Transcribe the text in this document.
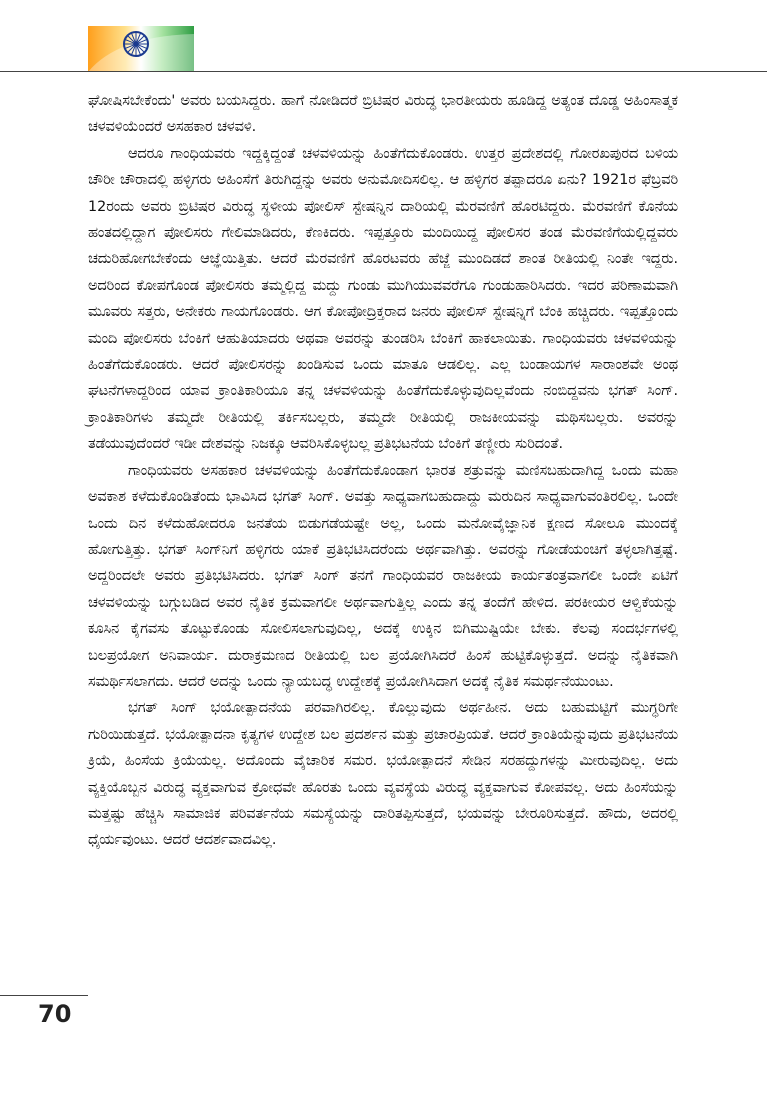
ಘೋಷಿಸಬೇಕೆಂದು' ಅವರು ಬಯಸಿದ್ದರು. ಹಾಗೆ ನೋಡಿದರೆ ಬ್ರಿಟಿಷರ ವಿರುದ್ಧ ಭಾರತೀಯರು ಹೂಡಿದ್ದ ಅತ್ಯಂತ ದೊಡ್ಡ ಅಹಿಂಸಾತ್ಮಕ ಚಳವಳಿಯೆಂದರೆ ಅಸಹಕಾರ ಚಳವಳಿ.

ಆದರೂ ಗಾಂಧಿಯವರು ಇದ್ದಕ್ಕಿದ್ದಂತೆ ಚಳವಳಿಯನ್ನು ಹಿಂತೆಗೆದುಕೊಂಡರು. ಉತ್ತರ ಪ್ರದೇಶದಲ್ಲಿ ಗೋರಖಪುರದ ಬಳಿಯ ಚೌರೀ ಚೌರಾದಲ್ಲಿ ಹಳ್ಳಿಗರು ಅಹಿಂಸೆಗೆ ತಿರುಗಿದ್ದನ್ನು ಅವರು ಅನುಮೋದಿಸಲಿಲ್ಲ. ಆ ಹಳ್ಳಿಗರ ತಪ್ಪಾದರೂ ಏನು? 1921ರ ಫೆಬ್ರವರಿ 12ರಂದು ಅವರು ಬ್ರಿಟಿಷರ ವಿರುದ್ಧ ಸ್ಥಳೀಯ ಪೋಲಿಸ್ ಸ್ಟೇಷನ್ನಿನ ದಾರಿಯಲ್ಲಿ ಮೆರವಣಿಗೆ ಹೊರಟಿದ್ದರು. ಮೆರವಣಿಗೆ ಕೊನೆಯ ಹಂತದಲ್ಲಿದ್ದಾಗ ಪೋಲಿಸರು ಗೇಲಿಮಾಡಿದರು, ಕೆಣಕಿದರು. ಇಪ್ಪತ್ತೂರು ಮಂದಿಯಿದ್ದ ಪೋಲಿಸರ ತಂಡ ಮೆರವಣಿಗೆಯಲ್ಲಿದ್ದವರು ಚದುರಿಹೋಗಬೇಕೆಂದು ಆಜ್ಞೆಯಿತ್ತಿತು. ಆದರೆ ಮೆರವಣಿಗೆ ಹೊರಟವರು ಹೆಜ್ಜೆ ಮುಂದಿಡದೆ ಶಾಂತ ರೀತಿಯಲ್ಲಿ ನಿಂತೇ ಇದ್ದರು. ಅದರಿಂದ ಕೋಪಗೊಂಡ ಪೋಲಿಸರು ತಮ್ಮಲ್ಲಿದ್ದ ಮದ್ದು ಗುಂಡು ಮುಗಿಯುವವರೆಗೂ ಗುಂಡುಹಾರಿಸಿದರು. ಇದರ ಪರಿಣಾಮವಾಗಿ ಮೂವರು ಸತ್ತರು, ಅನೇಕರು ಗಾಯಗೊಂಡರು. ಆಗ ಕೋಪೋದ್ರಿಕ್ತರಾದ ಜನರು ಪೋಲಿಸ್ ಸ್ಟೇಷನ್ನಿಗೆ ಬೆಂಕಿ ಹಚ್ಚಿದರು. ಇಪ್ಪತ್ತೊಂದು ಮಂದಿ ಪೋಲಿಸರು ಬೆಂಕಿಗೆ ಆಹುತಿಯಾದರು ಅಥವಾ ಅವರನ್ನು ತುಂಡರಿಸಿ ಬೆಂಕಿಗೆ ಹಾಕಲಾಯಿತು. ಗಾಂಧಿಯವರು ಚಳವಳಿಯನ್ನು ಹಿಂತೆಗೆದುಕೊಂಡರು. ಆದರೆ ಪೋಲಿಸರನ್ನು ಖಂಡಿಸುವ ಒಂದು ಮಾತೂ ಆಡಲಿಲ್ಲ. ಎಲ್ಲ ಬಂಡಾಯಗಳ ಸಾರಾಂಶವೇ ಅಂಥ ಘಟನೆಗಳಾದ್ದರಿಂದ ಯಾವ ಕ್ರಾಂತಿಕಾರಿಯೂ ತನ್ನ ಚಳವಳಿಯನ್ನು ಹಿಂತೆಗೆದುಕೊಳ್ಳುವುದಿಲ್ಲವೆಂದು ನಂಬಿದ್ದವನು ಭಗತ್ ಸಿಂಗ್. ಕ್ರಾಂತಿಕಾರಿಗಳು ತಮ್ಮದೇ ರೀತಿಯಲ್ಲಿ ತರ್ಕಿಸಬಲ್ಲರು, ತಮ್ಮದೇ ರೀತಿಯಲ್ಲಿ ರಾಜಕೀಯವನ್ನು ಮಥಿಸಬಲ್ಲರು. ಅವರನ್ನು ತಡೆಯುವುದೆಂದರೆ ಇಡೀ ದೇಶವನ್ನು ನಿಜಕ್ಕೂ ಆವರಿಸಿಕೊಳ್ಳಬಲ್ಲ ಪ್ರತಿಭಟನೆಯ ಬೆಂಕಿಗೆ ತಣ್ಣೀರು ಸುರಿದಂತೆ.

ಗಾಂಧಿಯವರು ಅಸಹಕಾರ ಚಳವಳಿಯನ್ನು ಹಿಂತೆಗೆದುಕೊಂಡಾಗ ಭಾರತ ಶತ್ರುವನ್ನು ಮಣಿಸಬಹುದಾಗಿದ್ದ ಒಂದು ಮಹಾ ಅವಕಾಶ ಕಳೆದುಕೊಂಡಿತೆಂದು ಭಾವಿಸಿದ ಭಗತ್ ಸಿಂಗ್. ಅವತ್ತು ಸಾಧ್ಯವಾಗಬಹುದಾದ್ದು ಮರುದಿನ ಸಾಧ್ಯವಾಗುವಂತಿರಲಿಲ್ಲ. ಒಂದೇ ಒಂದು ದಿನ ಕಳೆದುಹೋದರೂ ಜನತೆಯ ಬಿಡುಗಡೆಯಷ್ಟೇ ಅಲ್ಲ, ಒಂದು ಮನೋವೈಜ್ಞಾನಿಕ ಕ್ಷಣದ ಸೋಲೂ ಮುಂದಕ್ಕೆ ಹೋಗುತ್ತಿತ್ತು. ಭಗತ್ ಸಿಂಗ್‌ನಿಗೆ ಹಳ್ಳಿಗರು ಯಾಕೆ ಪ್ರತಿಭಟಿಸಿದರೆಂದು ಅರ್ಥವಾಗಿತ್ತು. ಅವರನ್ನು ಗೋಡೆಯಂಚಿಗೆ ತಳ್ಳಲಾಗಿತ್ತಷ್ಟೆ. ಅದ್ದರಿಂದಲೇ ಅವರು ಪ್ರತಿಭಟಿಸಿದರು. ಭಗತ್ ಸಿಂಗ್ ತನಗೆ ಗಾಂಧಿಯವರ ರಾಜಕೀಯ ಕಾರ್ಯತಂತ್ರವಾಗಲೀ ಒಂದೇ ಏಟಿಗೆ ಚಳವಳಿಯನ್ನು ಬಗ್ಗುಬಡಿದ ಅವರ ನೈತಿಕ ಕ್ರಮವಾಗಲೀ ಅರ್ಥವಾಗುತ್ತಿಲ್ಲ ಎಂದು ತನ್ನ ತಂದೆಗೆ ಹೇಳಿದ. ಪರಕೀಯರ ಆಳ್ವಿಕೆಯನ್ನು ಕೂಸಿನ ಕೈಗವಸು ತೊಟ್ಟುಕೊಂಡು ಸೋಲಿಸಲಾಗುವುದಿಲ್ಲ, ಅದಕ್ಕೆ ಉಕ್ಕಿನ ಬಿಗಿಮುಷ್ಟಿಯೇ ಬೇಕು. ಕೆಲವು ಸಂದರ್ಭಗಳಲ್ಲಿ ಬಲಪ್ರಯೋಗ ಅನಿವಾರ್ಯ. ದುರಾಕ್ರಮಣದ ರೀತಿಯಲ್ಲಿ ಬಲ ಪ್ರಯೋಗಿಸಿದರೆ ಹಿಂಸೆ ಹುಟ್ಟಿಕೊಳ್ಳುತ್ತದೆ. ಅದನ್ನು ನೈತಿಕವಾಗಿ ಸಮರ್ಥಿಸಲಾಗದು. ಆದರೆ ಅದನ್ನು ಒಂದು ನ್ಯಾಯಬದ್ಧ ಉದ್ದೇಶಕ್ಕೆ ಪ್ರಯೋಗಿಸಿದಾಗ ಅದಕ್ಕೆ ನೈತಿಕ ಸಮರ್ಥನೆಯುಂಟು.

ಭಗತ್ ಸಿಂಗ್ ಭಯೋತ್ಪಾದನೆಯ ಪರವಾಗಿರಲಿಲ್ಲ. ಕೊಲ್ಲುವುದು ಅರ್ಥಹೀನ. ಅದು ಬಹುಮಟ್ಟಿಗೆ ಮುಗ್ಧರಿಗೇ ಗುರಿಯಿಡುತ್ತದೆ. ಭಯೋತ್ಪಾದನಾ ಕೃತ್ಯಗಳ ಉದ್ದೇಶ ಬಲ ಪ್ರದರ್ಶನ ಮತ್ತು ಪ್ರಚಾರಪ್ರಿಯತೆ. ಆದರೆ ಕ್ರಾಂತಿಯೆನ್ನುವುದು ಪ್ರತಿಭಟನೆಯ ಕ್ರಿಯೆ, ಹಿಂಸೆಯ ಕ್ರಿಯೆಯಲ್ಲ. ಅದೊಂದು ವೈಚಾರಿಕ ಸಮರ. ಭಯೋತ್ಪಾದನೆ ಸೇಡಿನ ಸರಹದ್ದುಗಳನ್ನು ಮೀರುವುದಿಲ್ಲ. ಅದು ವ್ಯಕ್ತಿಯೊಬ್ಬನ ವಿರುದ್ಧ ವ್ಯಕ್ತವಾಗುವ ಕ್ರೋಧವೇ ಹೊರತು ಒಂದು ವ್ಯವಸ್ಥೆಯ ವಿರುದ್ಧ ವ್ಯಕ್ತವಾಗುವ ಕೋಪವಲ್ಲ. ಅದು ಹಿಂಸೆಯನ್ನು ಮತ್ತಷ್ಟು ಹೆಚ್ಚಿಸಿ ಸಾಮಾಜಿಕ ಪರಿವರ್ತನೆಯ ಸಮಸ್ಯೆಯನ್ನು ದಾರಿತಪ್ಪಿಸುತ್ತದೆ, ಭಯವನ್ನು ಬೇರೂರಿಸುತ್ತದೆ. ಹೌದು, ಅದರಲ್ಲಿ ಧೈರ್ಯವುಂಟು. ಆದರೆ ಆದರ್ಶವಾದವಿಲ್ಲ.

70
